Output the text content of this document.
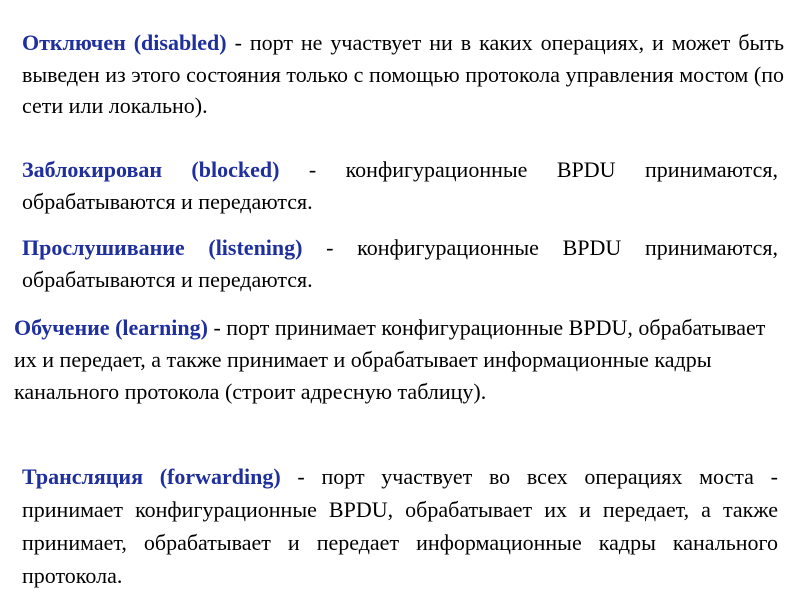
Отключен (disabled) - порт не участвует ни в каких операциях, и может быть выведен из этого состояния только с помощью протокола управления мостом (по сети или локально).

Заблокирован (blocked) - конфигурационные BPDU принимаются, обрабатываются и передаются.

Прослушивание (listening) - конфигурационные BPDU принимаются, обрабатываются и передаются.

Обучение (learning) - порт принимает конфигурационные BPDU, обрабатывает их и передает, а также принимает и обрабатывает информационные кадры канального протокола (строит адресную таблицу).

Трансляция (forwarding) - порт участвует во всех операциях моста - принимает конфигурационные BPDU, обрабатывает их и передает, а также принимает, обрабатывает и передает информационные кадры канального протокола.
